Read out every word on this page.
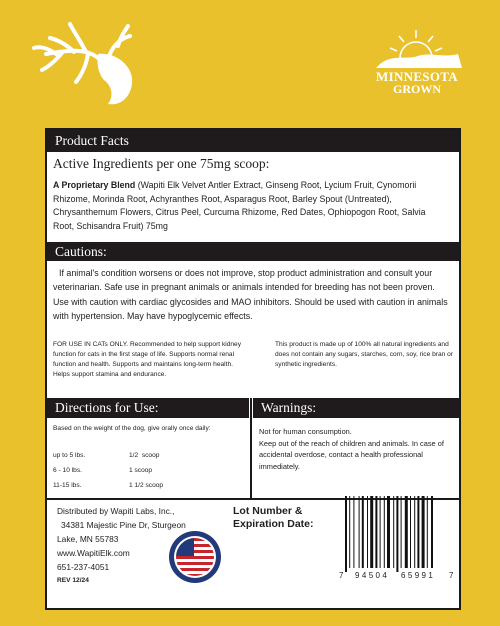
MINNESOTA
GROWN
Product Facts
Active Ingredients per one 75mg scoop:
A Proprietary Blend (Wapiti Elk Velvet Antler Extract, Ginseng Root, Lycium Fruit, Cynomorii Rhizome, Morinda Root, Achyranthes Root, Asparagus Root, Barley Spout (Untreated), Chrysanthemum Flowers, Citrus Peel, Curcuma Rhizome, Red Dates, Ophiopogon Root, Salvia Root, Schisandra Fruit) 75mg
Cautions:
If animal's condition worsens or does not improve, stop product administration and consult your veterinarian. Safe use in pregnant animals or animals intended for breeding has not been proven. Use with caution with cardiac glycosides and MAO inhibitors. Should be used with caution in animals with hypertension. May have hypoglycemic effects.
FOR USE IN CATs ONLY. Recommended to help support kidney function for cats in the first stage of life. Supports normal renal function and health. Supports and maintains long-term health. Helps support stamina and endurance.
This product is made up of 100% all natural ingredients and does not contain any sugars, starches, corn, soy, rice bran or synthetic ingredients.
Directions for Use:	Warnings:
Based on the weight of the dog, give orally once daily:
up to 5 lbs.	1/2  scoop
6 - 10 lbs.	1 scoop
11-15 lbs.	1 1/2 scoop
Not for human consumption.
Keep out of the reach of children and animals. In case of accidental overdose, contact a health professional immediately.
Distributed by Wapiti Labs, Inc.,
34381 Majestic Pine Dr, Sturgeon
Lake, MN 55783
www.WapitiElk.com
651-237-4051
REV 12/24
Lot Number &
Expiration Date:
7 94504 65991 7
